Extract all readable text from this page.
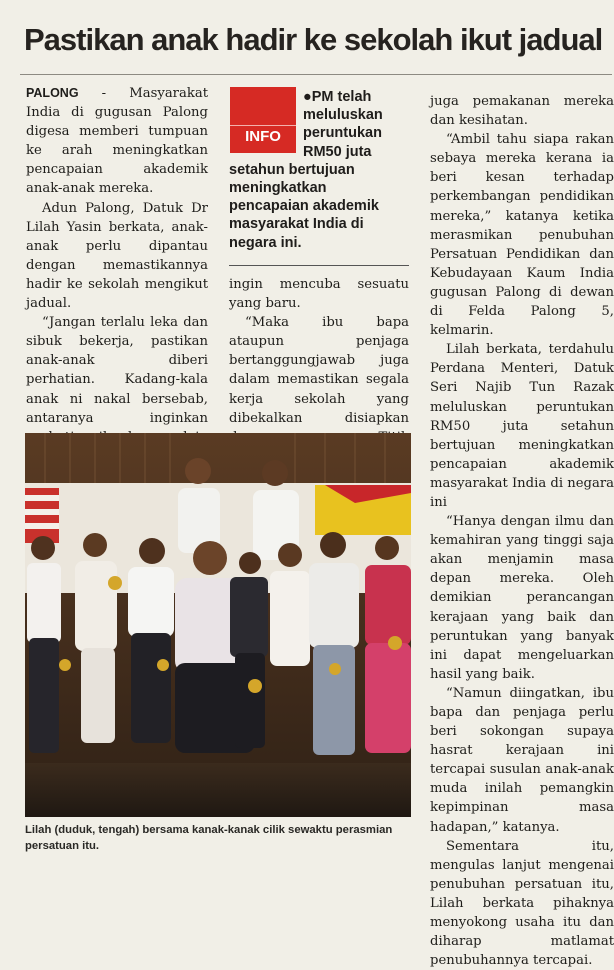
Pastikan anak hadir ke sekolah ikut jadual

PALONG - Masyarakat India di gugusan Palong digesa memberi tumpuan ke arah meningkatkan pencapaian akademik anak-anak mereka.

Adun Palong, Datuk Dr Lilah Yasin berkata, anak-anak perlu dipantau dengan memastikannya hadir ke sekolah mengikut jadual.

“Jangan terlalu leka dan sibuk bekerja, pastikan anak-anak diberi perhatian. Kadang-kala anak ni nakal bersebab, antaranya inginkan

INFO
●PM telah meluluskan peruntukan RM50 juta setahun bertujuan meningkatkan pencapaian akademik masyarakat India di negara ini.

ingin mencuba sesuatu yang baru.

“Maka ibu bapa ataupun penjaga bertanggungjawab juga dalam memastikan segala kerja sekolah yang dibekalkan disiapkan

juga pemakanan mereka dan kesihatan.

“Ambil tahu siapa rakan sebaya mereka kerana ia beri kesan terhadap perkembangan pendidikan mereka,” katanya ketika merasmikan penubuhan Persatuan Pendidikan dan Kebudayaan Kaum India gugusan Palong di dewan di Felda Palong 5, kelmarin.

Lilah berkata, terdahulu Perdana Menteri, Datuk Seri Najib Tun Razak meluluskan peruntukan RM50 juta setahun bertujuan meningkatkan pencapaian akademik masyarakat India di negara ini

“Hanya dengan ilmu dan kemahiran yang tinggi saja akan menjamin masa depan mereka. Oleh demikian perancangan kerajaan yang baik dan peruntukan yang banyak ini dapat mengeluarkan hasil yang baik.

“Namun diingatkan, ibu bapa dan penjaga perlu beri sokongan supaya hasrat kerajaan ini tercapai susulan anak-anak muda inilah pemangkin kepimpinan masa hadapan,” katanya.

Sementara itu, mengulas lanjut mengenai penubuhan persatuan itu, Lilah berkata pihaknya menyokong usaha itu dan diharap matlamat penubuhannya tercapai.

Lilah (duduk, tengah) bersama kanak-kanak cilik sewaktu perasmian persatuan itu.
